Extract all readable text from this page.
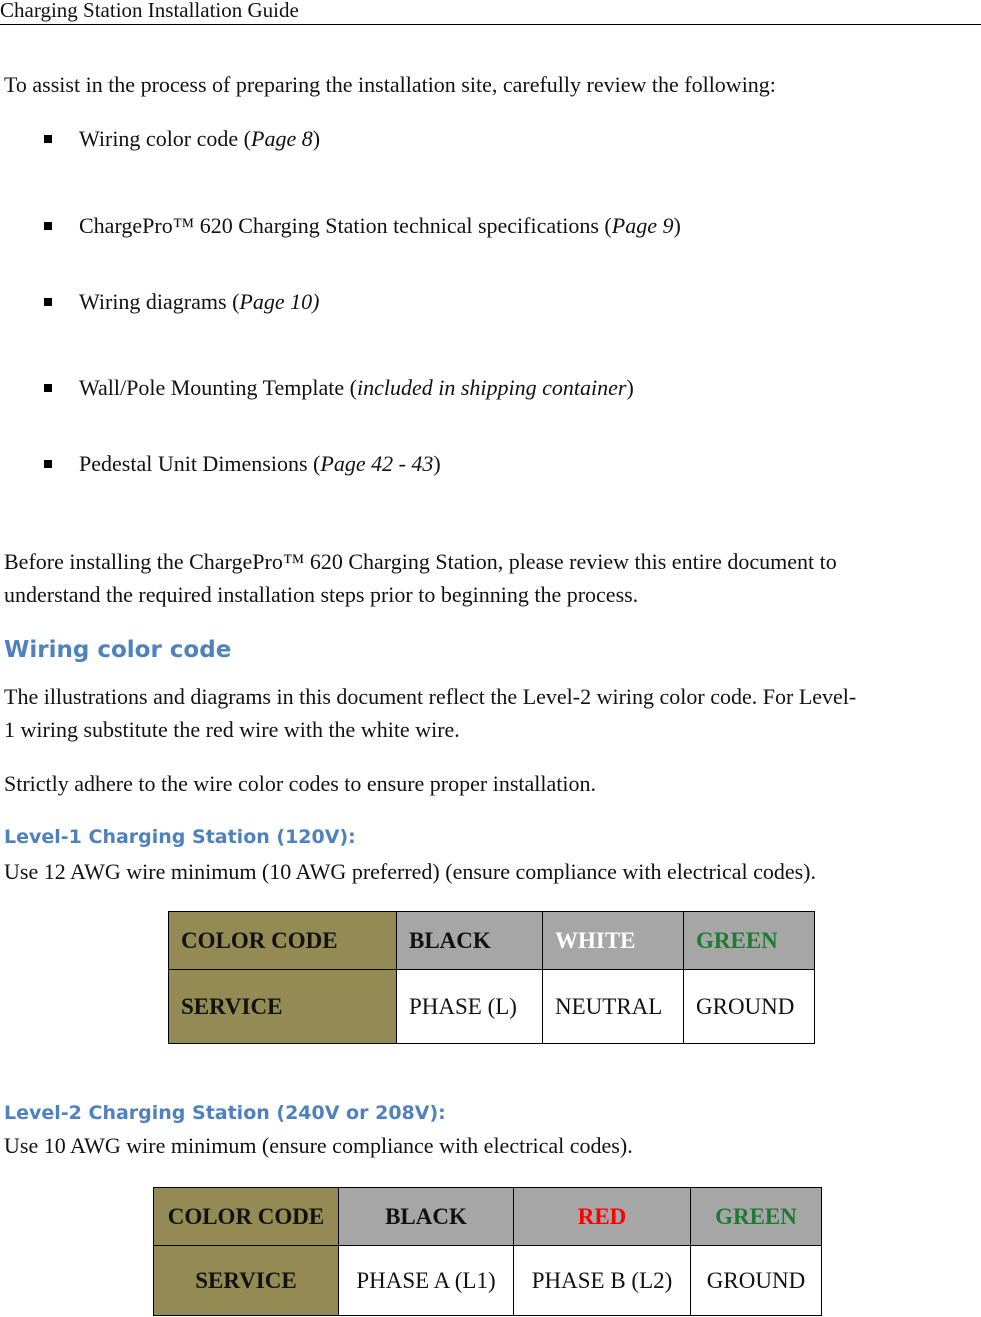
Charging Station Installation Guide

To assist in the process of preparing the installation site, carefully review the following:

Wiring color code (Page 8)
ChargePro™ 620 Charging Station technical specifications (Page 9)
Wiring diagrams (Page 10)
Wall/Pole Mounting Template (included in shipping container)
Pedestal Unit Dimensions (Page 42 - 43)

Before installing the ChargePro™ 620 Charging Station, please review this entire document to

understand the required installation steps prior to beginning the process.

Wiring color code

The illustrations and diagrams in this document reflect the Level-2 wiring color code. For Level-

1 wiring substitute the red wire with the white wire.

Strictly adhere to the wire color codes to ensure proper installation.

Level-1 Charging Station (120V):

Use 12 AWG wire minimum (10 AWG preferred) (ensure compliance with electrical codes).

COLOR CODE	BLACK	WHITE	GREEN
SERVICE	PHASE (L)	NEUTRAL	GROUND
Level-2 Charging Station (240V or 208V):

Use 10 AWG wire minimum (ensure compliance with electrical codes).

COLOR CODE	BLACK	RED	GREEN
SERVICE	PHASE A (L1)	PHASE B (L2)	GROUND
